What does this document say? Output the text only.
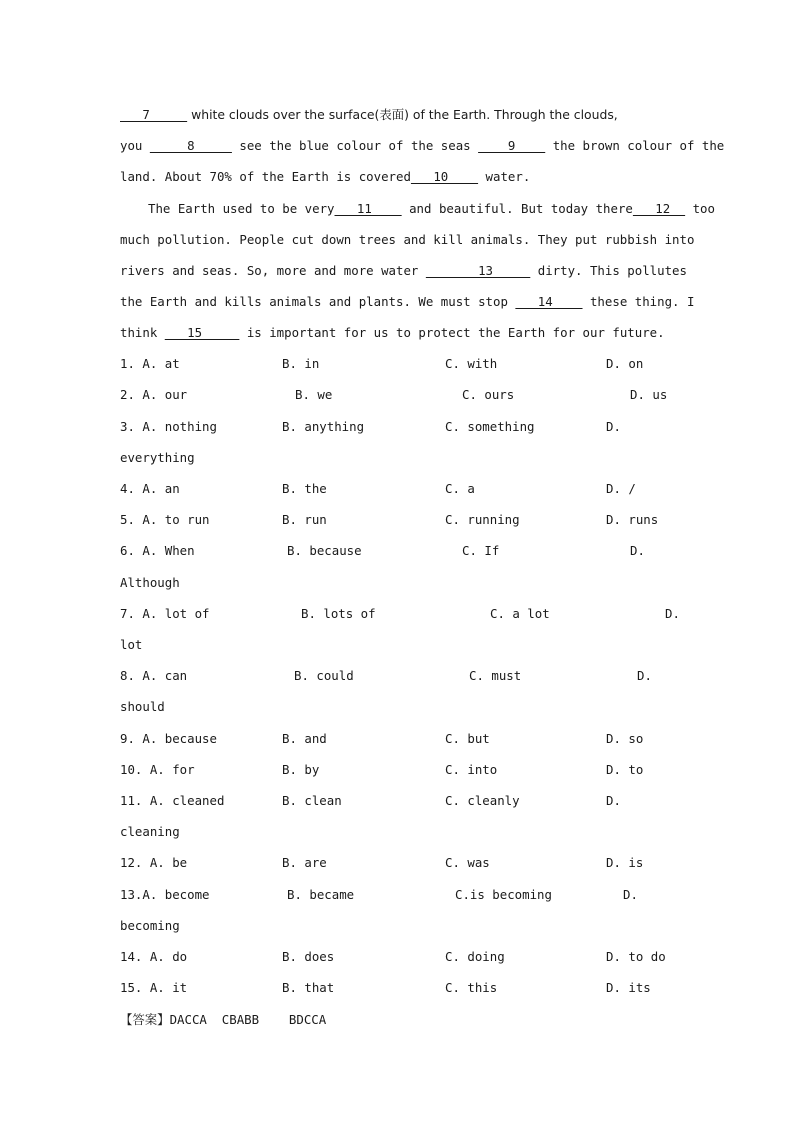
7      white clouds over the surface(表面) of the Earth. Through the clouds,
you      8      see the blue colour of the seas     9     the brown colour of the
land. About 70% of the Earth is covered   10     water.
The Earth used to be very   11     and beautiful. But today there   12   too
much pollution. People cut down trees and kill animals. They put rubbish into
rivers and seas. So, more and more water        13      dirty. This pollutes
the Earth and kills animals and plants. We must stop    14     these thing. I
think    15      is important for us to protect the Earth for our future.
1. A. at	B. in	C. with	D. on
2. A. our	B. we	C. ours	D. us
3. A. nothing	B. anything	C. something	D.
everything
4. A. an	B. the	C. a	D. /
5. A. to run	B. run	C. running	D. runs
6. A. When	B. because	C. If	D.
Although
7. A. lot of	B. lots of	C. a lot	D.
lot
8. A. can	B. could	C. must	D.
should
9. A. because	B. and	C. but	D. so
10. A. for	B. by	C. into	D. to
11. A. cleaned	B. clean	C. cleanly	D.
cleaning
12. A. be	B. are	C. was	D. is
13.A. become	B. became	C.is becoming	D.
becoming
14. A. do	B. does	C. doing	D. to do
15. A. it	B. that	C. this	D. its
【答案】DACCA  CBABB    BDCCA
